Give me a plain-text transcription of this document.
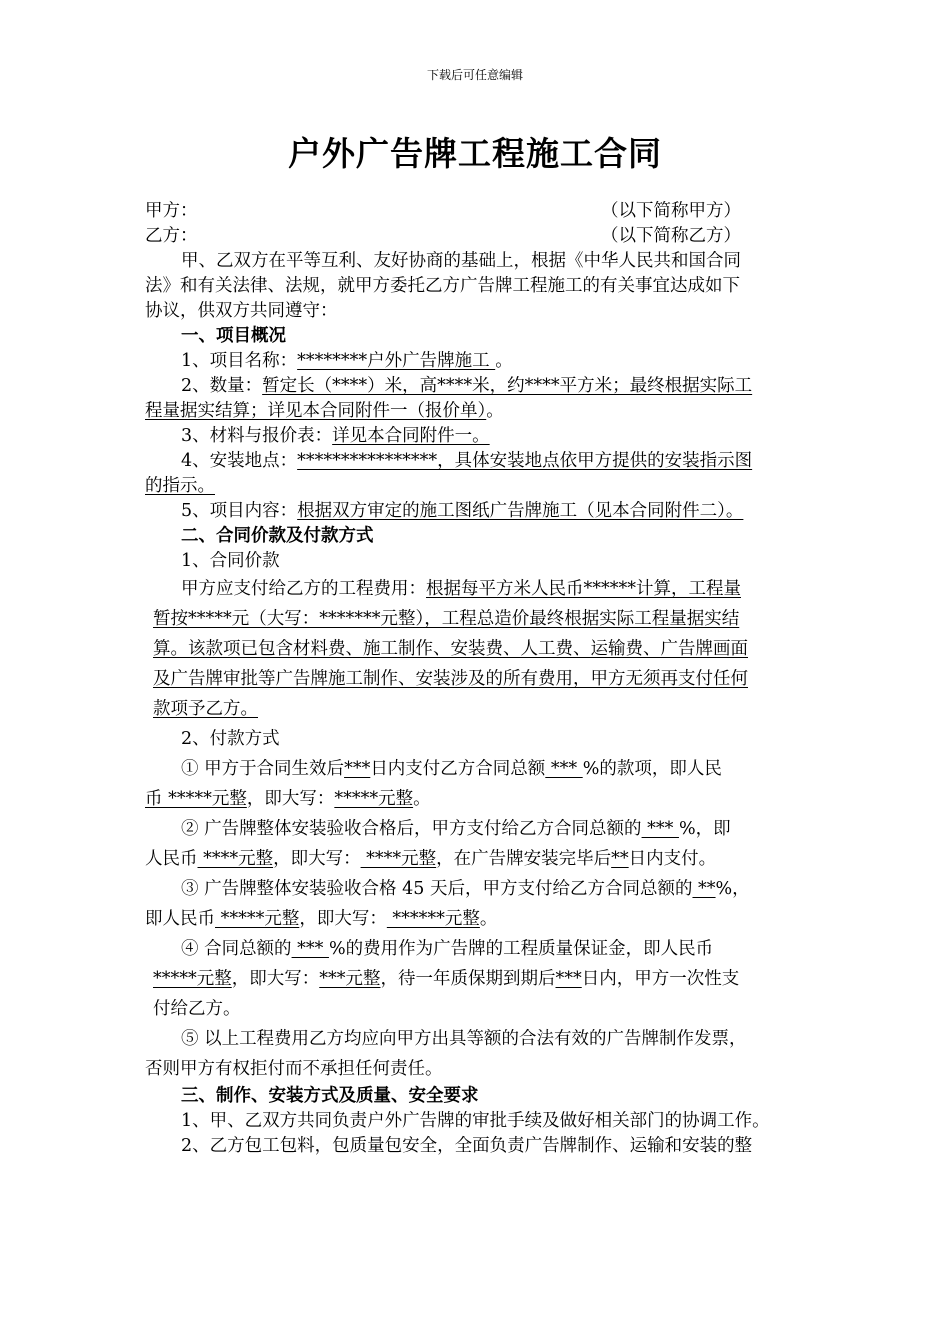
下载后可任意编辑
户外广告牌工程施工合同
甲方：	（以下简称甲方）
乙方：	（以下简称乙方）
甲、乙双方在平等互利、友好协商的基础上，根据《中华人民共和国合同
法》和有关法律、法规，就甲方委托乙方广告牌工程施工的有关事宜达成如下
协议，供双方共同遵守：
一、项目概况
1、项目名称：********户外广告牌施工 。
2、数量：暂定长（****）米，高****米，约****平方米；最终根据实际工
程量据实结算；详见本合同附件一（报价单）。
3、材料与报价表：详见本合同附件一。
4、安装地点：****************，具体安装地点依甲方提供的安装指示图
的指示。
5、项目内容：根据双方审定的施工图纸广告牌施工（见本合同附件二）。
二、合同价款及付款方式
1、合同价款
甲方应支付给乙方的工程费用：根据每平方米人民币******计算，工程量
暂按*****元（大写：*******元整），工程总造价最终根据实际工程量据实结
算。该款项已包含材料费、施工制作、安装费、人工费、运输费、广告牌画面
及广告牌审批等广告牌施工制作、安装涉及的所有费用，甲方无须再支付任何
款项予乙方。
2、付款方式
① 甲方于合同生效后***日内支付乙方合同总额 *** %的款项，即人民
币 *****元整，即大写：*****元整。
② 广告牌整体安装验收合格后，甲方支付给乙方合同总额的 *** %，即
人民币 ****元整，即大写： ****元整，在广告牌安装完毕后**日内支付。
③ 广告牌整体安装验收合格 45 天后，甲方支付给乙方合同总额的 **%，
即人民币 *****元整，即大写： ******元整。
④ 合同总额的 *** %的费用作为广告牌的工程质量保证金，即人民币
*****元整，即大写：***元整，待一年质保期到期后***日内，甲方一次性支
付给乙方。
⑤ 以上工程费用乙方均应向甲方出具等额的合法有效的广告牌制作发票，
否则甲方有权拒付而不承担任何责任。
三、制作、安装方式及质量、安全要求
1、甲、乙双方共同负责户外广告牌的审批手续及做好相关部门的协调工作。
2、乙方包工包料，包质量包安全，全面负责广告牌制作、运输和安装的整
